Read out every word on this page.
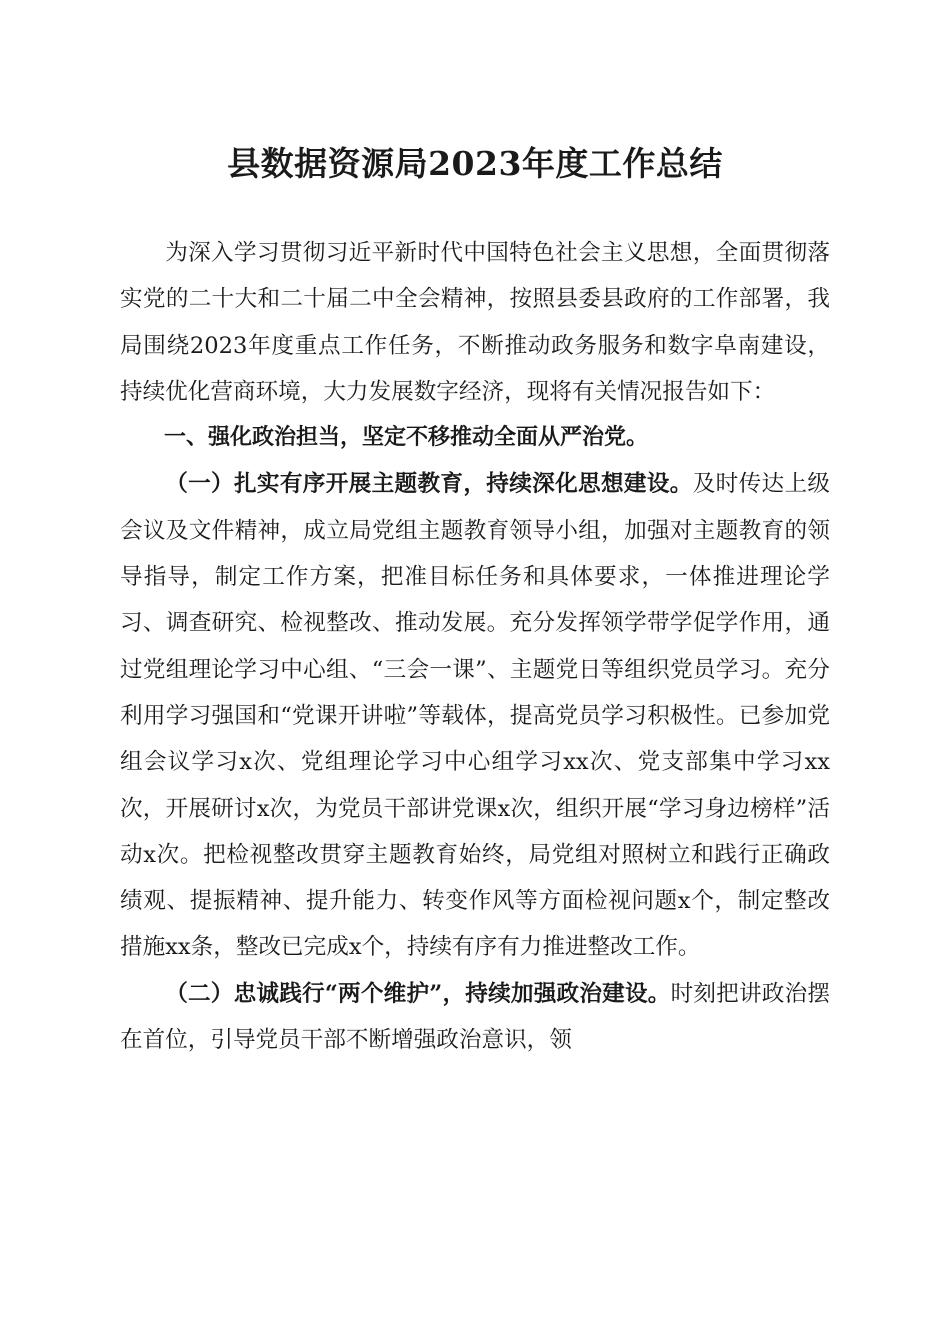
县数据资源局2023年度工作总结

为深入学习贯彻习近平新时代中国特色社会主义思想，全面贯彻落实党的二十大和二十届二中全会精神，按照县委县政府的工作部署，我局围绕2023年度重点工作任务，不断推动政务服务和数字阜南建设，持续优化营商环境，大力发展数字经济，现将有关情况报告如下：

一、强化政治担当，坚定不移推动全面从严治党。

（一）扎实有序开展主题教育，持续深化思想建设。及时传达上级会议及文件精神，成立局党组主题教育领导小组，加强对主题教育的领导指导，制定工作方案，把准目标任务和具体要求，一体推进理论学习、调查研究、检视整改、推动发展。充分发挥领学带学促学作用，通过党组理论学习中心组、“三会一课”、主题党日等组织党员学习。充分利用学习强国和“党课开讲啦”等载体，提高党员学习积极性。已参加党组会议学习x次、党组理论学习中心组学习xx次、党支部集中学习xx次，开展研讨x次，为党员干部讲党课x次，组织开展“学习身边榜样”活动x次。把检视整改贯穿主题教育始终，局党组对照树立和践行正确政绩观、提振精神、提升能力、转变作风等方面检视问题x个，制定整改措施xx条，整改已完成x个，持续有序有力推进整改工作。

（二）忠诚践行“两个维护”，持续加强政治建设。时刻把讲政治摆在首位，引导党员干部不断增强政治意识，领
